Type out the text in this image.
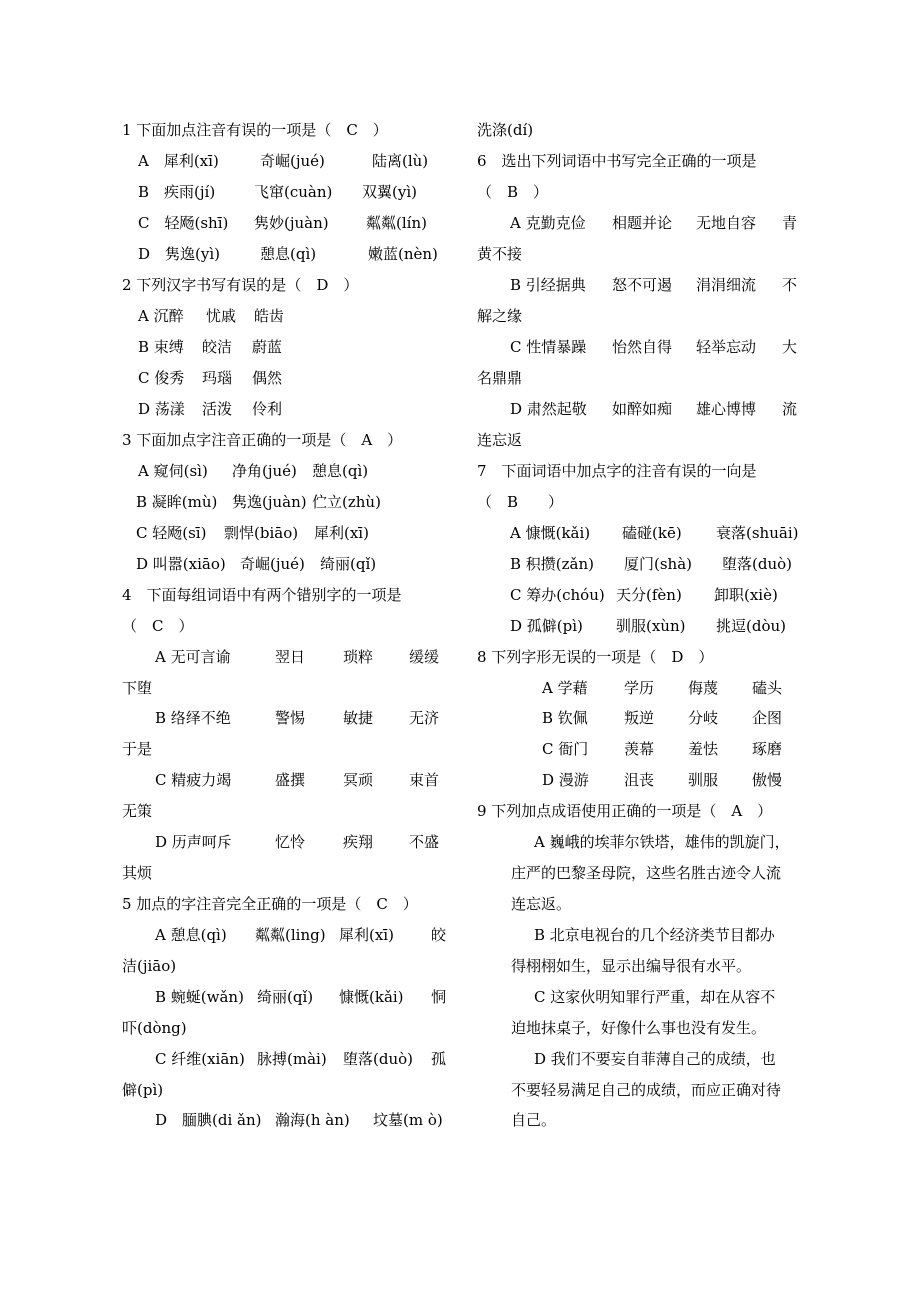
1 下面加点注音有误的一项是（　C　）
A　犀利(xī)	奇崛(jué)	陆离(lù)
B　疾雨(jí)	飞窜(cuàn)	双翼(yì)
C　轻飏(shī)	隽妙(juàn)	粼粼(lín)
D　隽逸(yì)	憩息(qì)	嫩蓝(nèn)
2 下列汉字书写有误的是（　D　）
A 沉醉	忧戚	皓齿
B 束缚	皎洁	蔚蓝
C 俊秀	玛瑙	偶然
D 荡漾	活泼	伶利
3 下面加点字注音正确的一项是（　A　）
A 窥伺(sì)	净角(jué)	憩息(qì)
B 凝眸(mù) 隽逸(juàn) 伫立(zhù)
C 轻飏(sī)	剽悍(biāo)	犀利(xī)
D 叫嚣(xiāo) 奇崛(jué)	绮丽(qǐ)
4　下面每组词语中有两个错别字的一项是
（　C　）
A 无可言谕	翌日	琐粹	缓缓
下堕
B 络绎不绝	警惕	敏捷	无济
于是
C 精疲力竭	盛撰	冥顽	束首
无策
D 历声呵斥	忆怜	疾翔	不盛
其烦
5 加点的字注音完全正确的一项是（　C　）
A 憩息(qì)	粼粼(ling) 犀利(xī)	皎
洁(jiāo)
B 蜿蜒(wǎn) 绮丽(qǐ)	慷慨(kǎi)	恫
吓(dòng)
C 纤维(xiān) 脉搏(mài)	堕落(duò)	孤
僻(pì)
D　腼腆(di ǎn) 瀚海(h àn)	坟墓(m ò)
洗涤(dí)
6　选出下列词语中书写完全正确的一项是
（　B　）
A 克勤克俭	相题并论	无地自容	青
黄不接
B 引经据典	怒不可遏	涓涓细流	不
解之缘
C 性情暴躁	怡然自得	轻举忘动	大
名鼎鼎
D 肃然起敬	如醉如痴	雄心博博	流
连忘返
7　下面词语中加点字的注音有误的一向是
（　B　　）
A 慷慨(kǎi)	磕碰(kē)	衰落(shuāi)
B 积攒(zǎn)	厦门(shà)	堕落(duò)
C 筹办(chóu) 天分(fèn)	卸职(xiè)
D 孤僻(pì)	驯服(xùn)	挑逗(dòu)
8 下列字形无误的一项是（　D　）
A 学藉	学历	侮蔑	磕头
B 钦佩	叛逆	分岐	企图
C 衙门	羡幕	羞怯	琢磨
D 漫游	沮丧	驯服	傲慢
9 下列加点成语使用正确的一项是（　A　）
A 巍峨的埃菲尔铁塔，雄伟的凯旋门，
庄严的巴黎圣母院，这些名胜古迹令人流
连忘返。
B 北京电视台的几个经济类节目都办
得栩栩如生，显示出编导很有水平。
C 这家伙明知罪行严重，却在从容不
迫地抹桌子，好像什么事也没有发生。
D 我们不要妄自菲薄自己的成绩，也
不要轻易满足自己的成绩，而应正确对待
自己。
